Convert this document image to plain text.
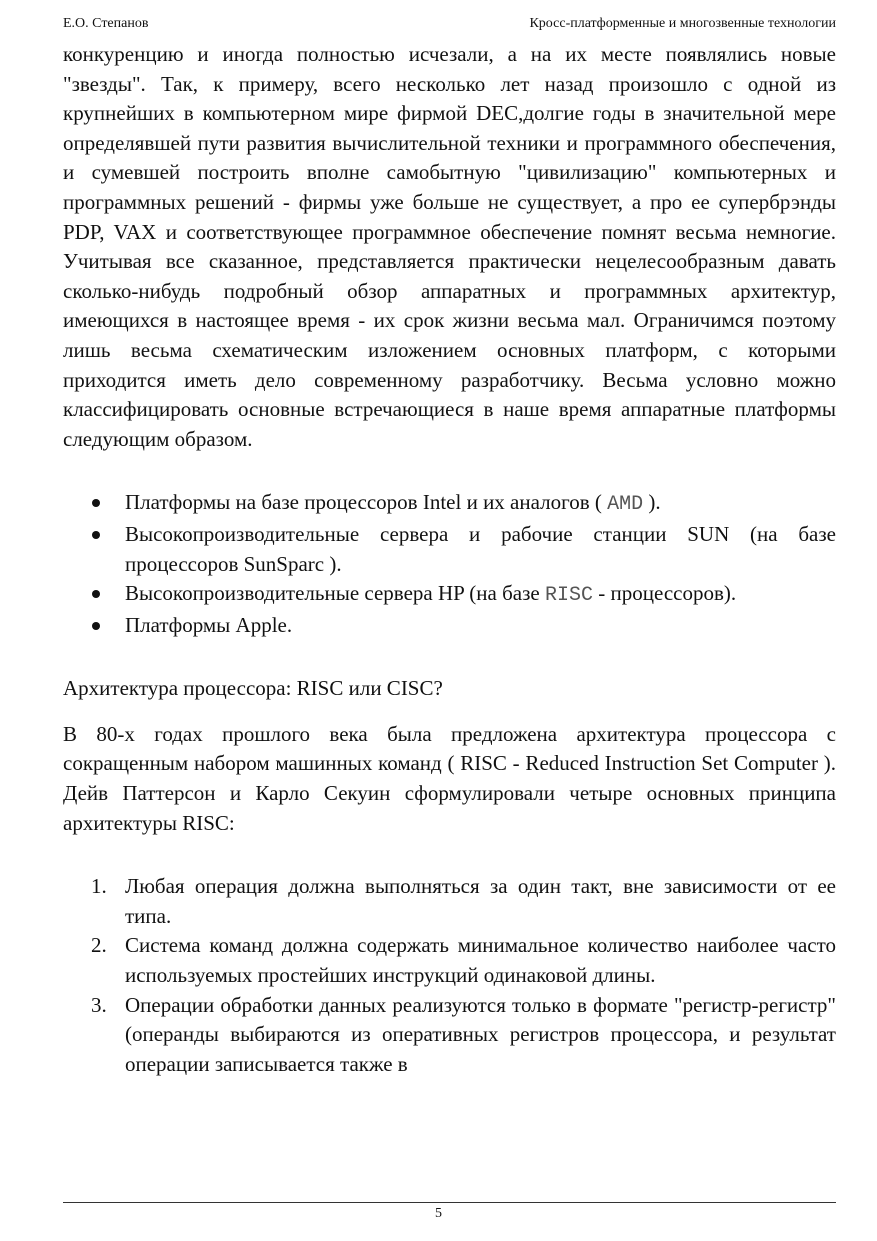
Е.О. Степанов	Кросс-платформенные и многозвенные технологии

конкуренцию и иногда полностью исчезали, а на их месте появлялись новые "звезды". Так, к примеру, всего несколько лет назад произошло с одной из крупнейших в компьютерном мире фирмой DEC,долгие годы в значительной мере определявшей пути развития вычислительной техники и программного обеспечения, и сумевшей построить вполне самобытную "цивилизацию" компьютерных и программных решений - фирмы уже больше не существует, а про ее супербрэнды PDP, VAX и соответствующее программное обеспечение помнят весьма немногие. Учитывая все сказанное, представляется практически нецелесообразным давать сколько-нибудь подробный обзор аппаратных и программных архитектур, имеющихся в настоящее время - их срок жизни весьма мал. Ограничимся поэтому лишь весьма схематическим изложением основных платформ, с которыми приходится иметь дело современному разработчику. Весьма условно можно классифицировать основные встречающиеся в наше время аппаратные платформы следующим образом.

Платформы на базе процессоров Intel и их аналогов ( AMD ).
Высокопроизводительные сервера и рабочие станции SUN (на базе процессоров SunSparc ).
Высокопроизводительные сервера HP (на базе RISC - процессоров).
Платформы Apple.

Архитектура процессора: RISC или CISC?

В 80-х годах прошлого века была предложена архитектура процессора с сокращенным набором машинных команд ( RISC - Reduced Instruction Set Computer ). Дейв Паттерсон и Карло Секуин сформулировали четыре основных принципа архитектуры RISC:

1. Любая операция должна выполняться за один такт, вне зависимости от ее типа.
2. Система команд должна содержать минимальное количество наиболее часто используемых простейших инструкций одинаковой длины.
3. Операции обработки данных реализуются только в формате "регистр-регистр" (операнды выбираются из оперативных регистров процессора, и результат операции записывается также в
5
